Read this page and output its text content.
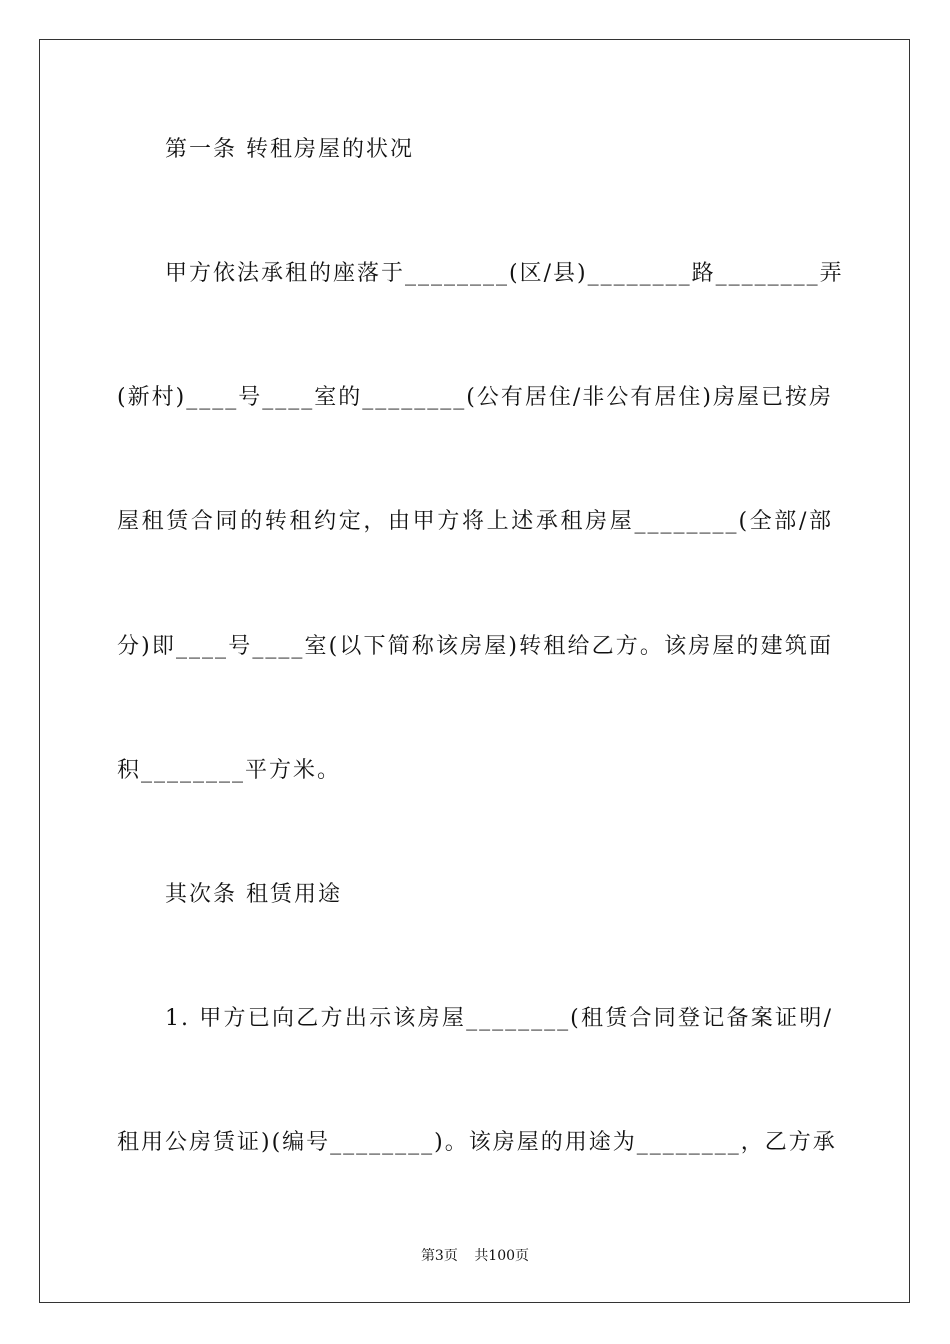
第一条 转租房屋的状况
甲方依法承租的座落于________(区/县)________路________弄
(新村)____号____室的________(公有居住/非公有居住)房屋已按房
屋租赁合同的转租约定，由甲方将上述承租房屋________(全部/部
分)即____号____室(以下简称该房屋)转租给乙方。该房屋的建筑面
积________平方米。
其次条 租赁用途
1. 甲方已向乙方出示该房屋________(租赁合同登记备案证明/
租用公房赁证)(编号________)。该房屋的用途为________，乙方承
第3页 共100页
